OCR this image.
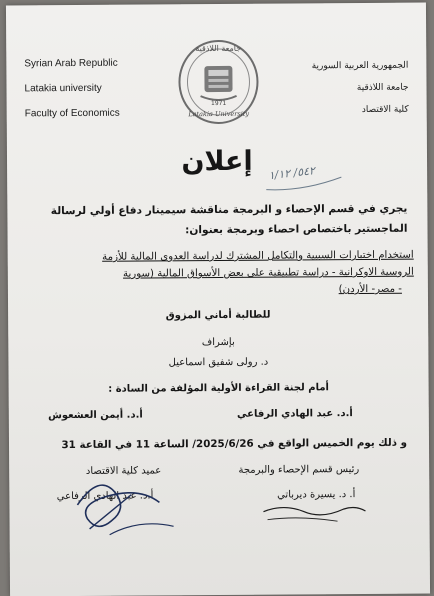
Syrian Arab Republic
Latakia university
Faculty of Economics
جامعة اللاذقية
1971
Latakia University
الجمهورية العربية السورية
جامعة اللاذقية
كلية الاقتصاد
٥٤٢/ ١/١٢
إعلان
يجري في قسم الإحصاء و البرمجة مناقشة سيمينار دفاع أولي لرسالة
الماجستير باختصاص احصاء وبرمجة بعنوان:
استخدام اختبارات السببية والتكامل المشترك لدراسة العدوى المالية للأزمة
الروسية الاوكرانية - دراسة تطبيقية على بعض الأسواق المالية (سورية
- مصر- الأردن)
للطالبة أماني المزوق
بإشراف
د. رولى شفيق اسماعيل
أمام لجنة القراءة الأولية المؤلفة من السادة :
أ.د. عبد الهادي الرفاعي
أ.د. أيمن العشعوش
و ذلك يوم الخميس الواقع في 2025/6/26/ الساعة 11 في القاعة 31
رئيس قسم الإحصاء والبرمجة
أ. د. يسيرة ديرباتي
عميد كلية الاقتصاد
أ.د. عبد الهادي الرفاعي
